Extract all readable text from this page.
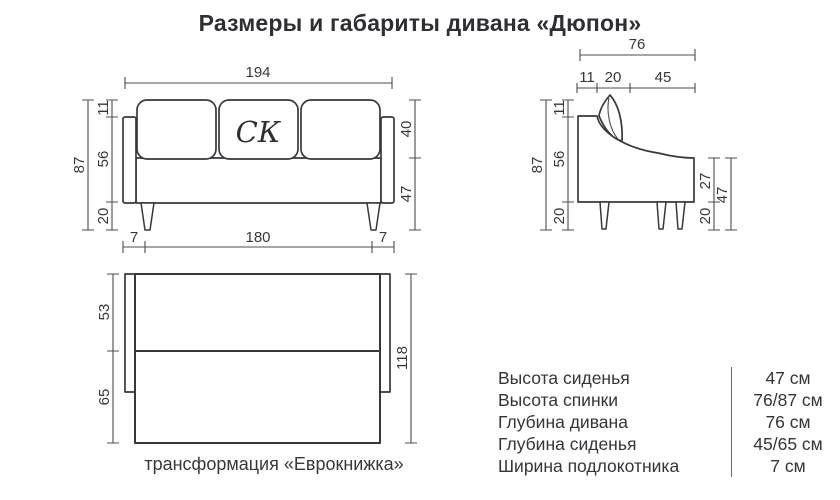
Размеры и габариты дивана «Дюпон»
СК
194
87
11
56
20
40
47
7	180	7
76
11 20 45
87
11
56
20
27
20
47
53
65
118
трансформация «Еврокнижка»
Высота сиденья	47 см
Высота спинки	76/87 см
Глубина дивана	76 см
Глубина сиденья	45/65 см
Ширина подлокотника	7 см
